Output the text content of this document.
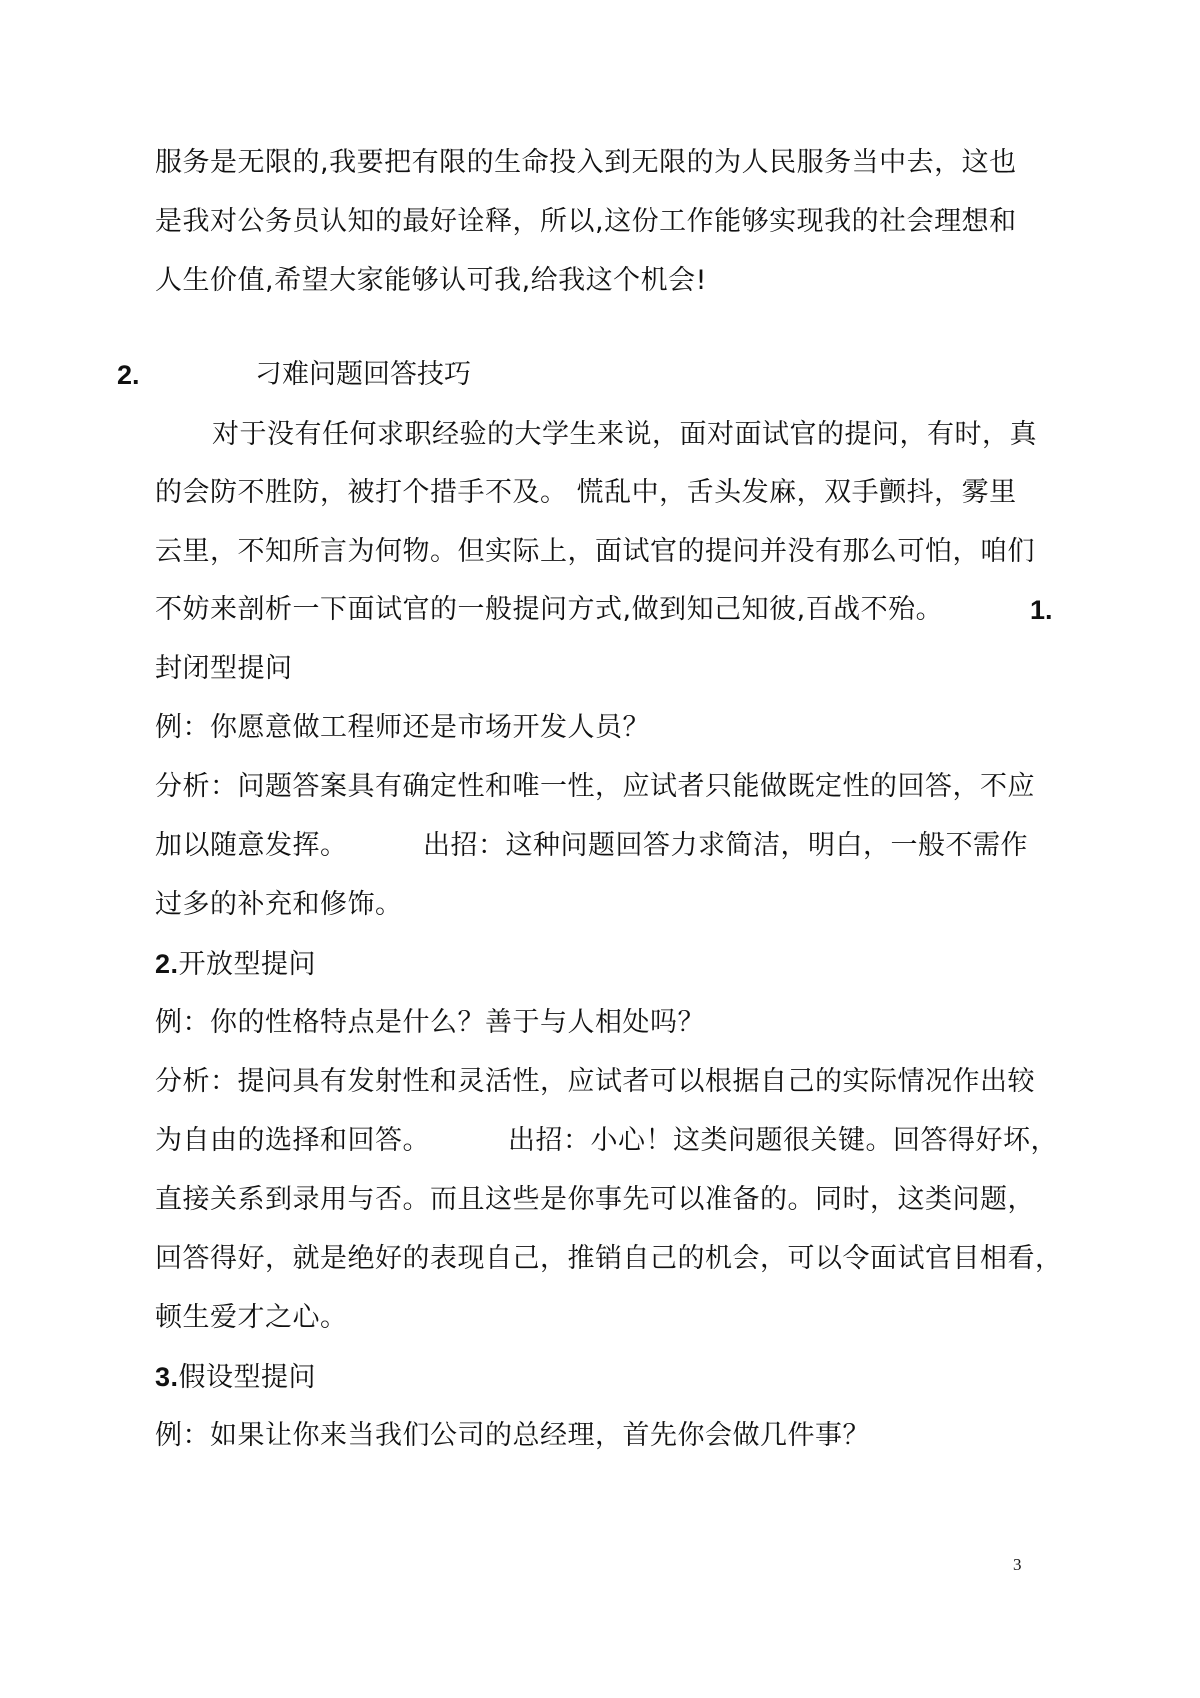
服务是无限的,我要把有限的生命投入到无限的为人民服务当中去，这也
是我对公务员认知的最好诠释，所以,这份工作能够实现我的社会理想和
人生价值,希望大家能够认可我,给我这个机会!
2.	刁难问题回答技巧
对于没有任何求职经验的大学生来说，面对面试官的提问，有时，真
的会防不胜防，被打个措手不及。 慌乱中，舌头发麻，双手颤抖，雾里
云里，不知所言为何物。但实际上，面试官的提问并没有那么可怕，咱们
不妨来剖析一下面试官的一般提问方式,做到知己知彼,百战不殆。	1.
封闭型提问
例：你愿意做工程师还是市场开发人员？
分析：问题答案具有确定性和唯一性，应试者只能做既定性的回答，不应
加以随意发挥。	出招：这种问题回答力求简洁，明白，一般不需作
过多的补充和修饰。
2.开放型提问
例：你的性格特点是什么？善于与人相处吗？
分析：提问具有发射性和灵活性，应试者可以根据自己的实际情况作出较
为自由的选择和回答。	出招：小心！这类问题很关键。回答得好坏，
直接关系到录用与否。而且这些是你事先可以准备的。同时，这类问题，
回答得好，就是绝好的表现自己，推销自己的机会，可以令面试官目相看，
顿生爱才之心。
3.假设型提问
例：如果让你来当我们公司的总经理，首先你会做几件事？
3
